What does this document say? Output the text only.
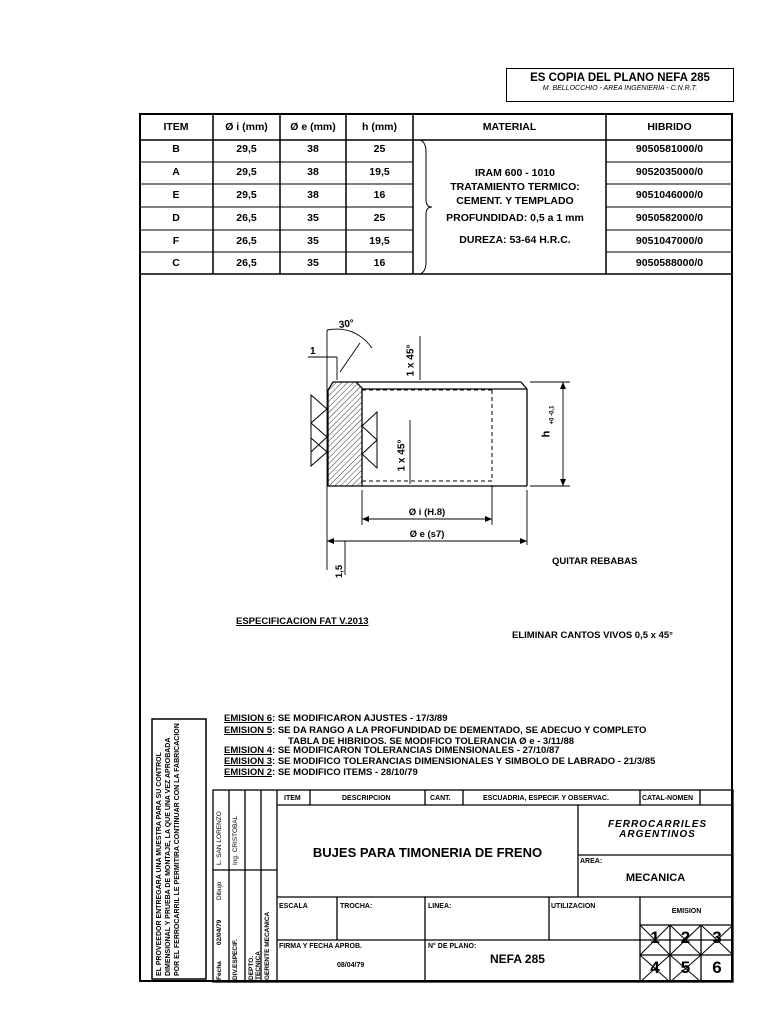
ES COPIA DEL PLANO NEFA 285
M. BELLOCCHIO - AREA INGENIERIA - C.N.R.T.
ITEM	Ø i (mm)	Ø e (mm)	h (mm)	MATERIAL	HIBRIDO
B	29,5	38	25	9050581000/0
A	29,5	38	19,5	9052035000/0
E	29,5	38	16	9051046000/0
D	26,5	35	25	9050582000/0
F	26,5	35	19,5	9051047000/0
C	26,5	35	16	9050588000/0
IRAM 600 - 1010
TRATAMIENTO TERMICO:
CEMENT. Y TEMPLADO
PROFUNDIDAD: 0,5 a 1 mm
DUREZA: 53-64 H.R.C.
30°
1	1 x 45°
1 x 45°
h
+0 -0,1
Ø i (H.8)
Ø e (s7)
1,5
QUITAR REBABAS
ESPECIFICACION FAT V.2013
ELIMINAR CANTOS VIVOS 0,5 x 45°
EMISION 6: SE MODIFICARON AJUSTES - 17/3/89
EMISION 5: SE DA RANGO A LA PROFUNDIDAD DE DEMENTADO, SE ADECUO Y COMPLETO
TABLA DE HIBRIDOS. SE MODIFICO TOLERANCIA Ø e - 3/11/88
EMISION 4: SE MODIFICARON TOLERANCIAS DIMENSIONALES - 27/10/87
EMISION 3: SE MODIFICO TOLERANCIAS DIMENSIONALES Y SIMBOLO DE LABRADO - 21/3/85
EMISION 2: SE MODIFICO ITEMS - 28/10/79
EL PROVEEDOR ENTREGARA UNA MUESTRA PARA SU CONTROL DIMENSIONAL Y PRUEBA DE MONTAJE, LA QUE UNA VEZ APROBADA POR EL FERROCARRIL LE PERMITIRA CONTINUAR CON LA FABRICACION	ITEM	DESCRIPCION	CANT.	ESCUADRIA, ESPECIF. Y OBSERVAC.	CATAL-NOMEN
BUJES PARA TIMONERIA DE FRENO
FERROCARRILES
ARGENTINOS
AREA:
MECANICA
ESCALA	TROCHA:	LINEA:	UTILIZACION
EMISION
FIRMA Y FECHA APROB.
08/04/79
N° DE PLANO:
NEFA 285
1	2	3
4	5	6
Fecha DIV.ESPECIF. DEPTO. TECNICA GERENTE MECANICA
02/04/79
Dibujo
L. SAN LORENZO Ing. CRISTOBAL
